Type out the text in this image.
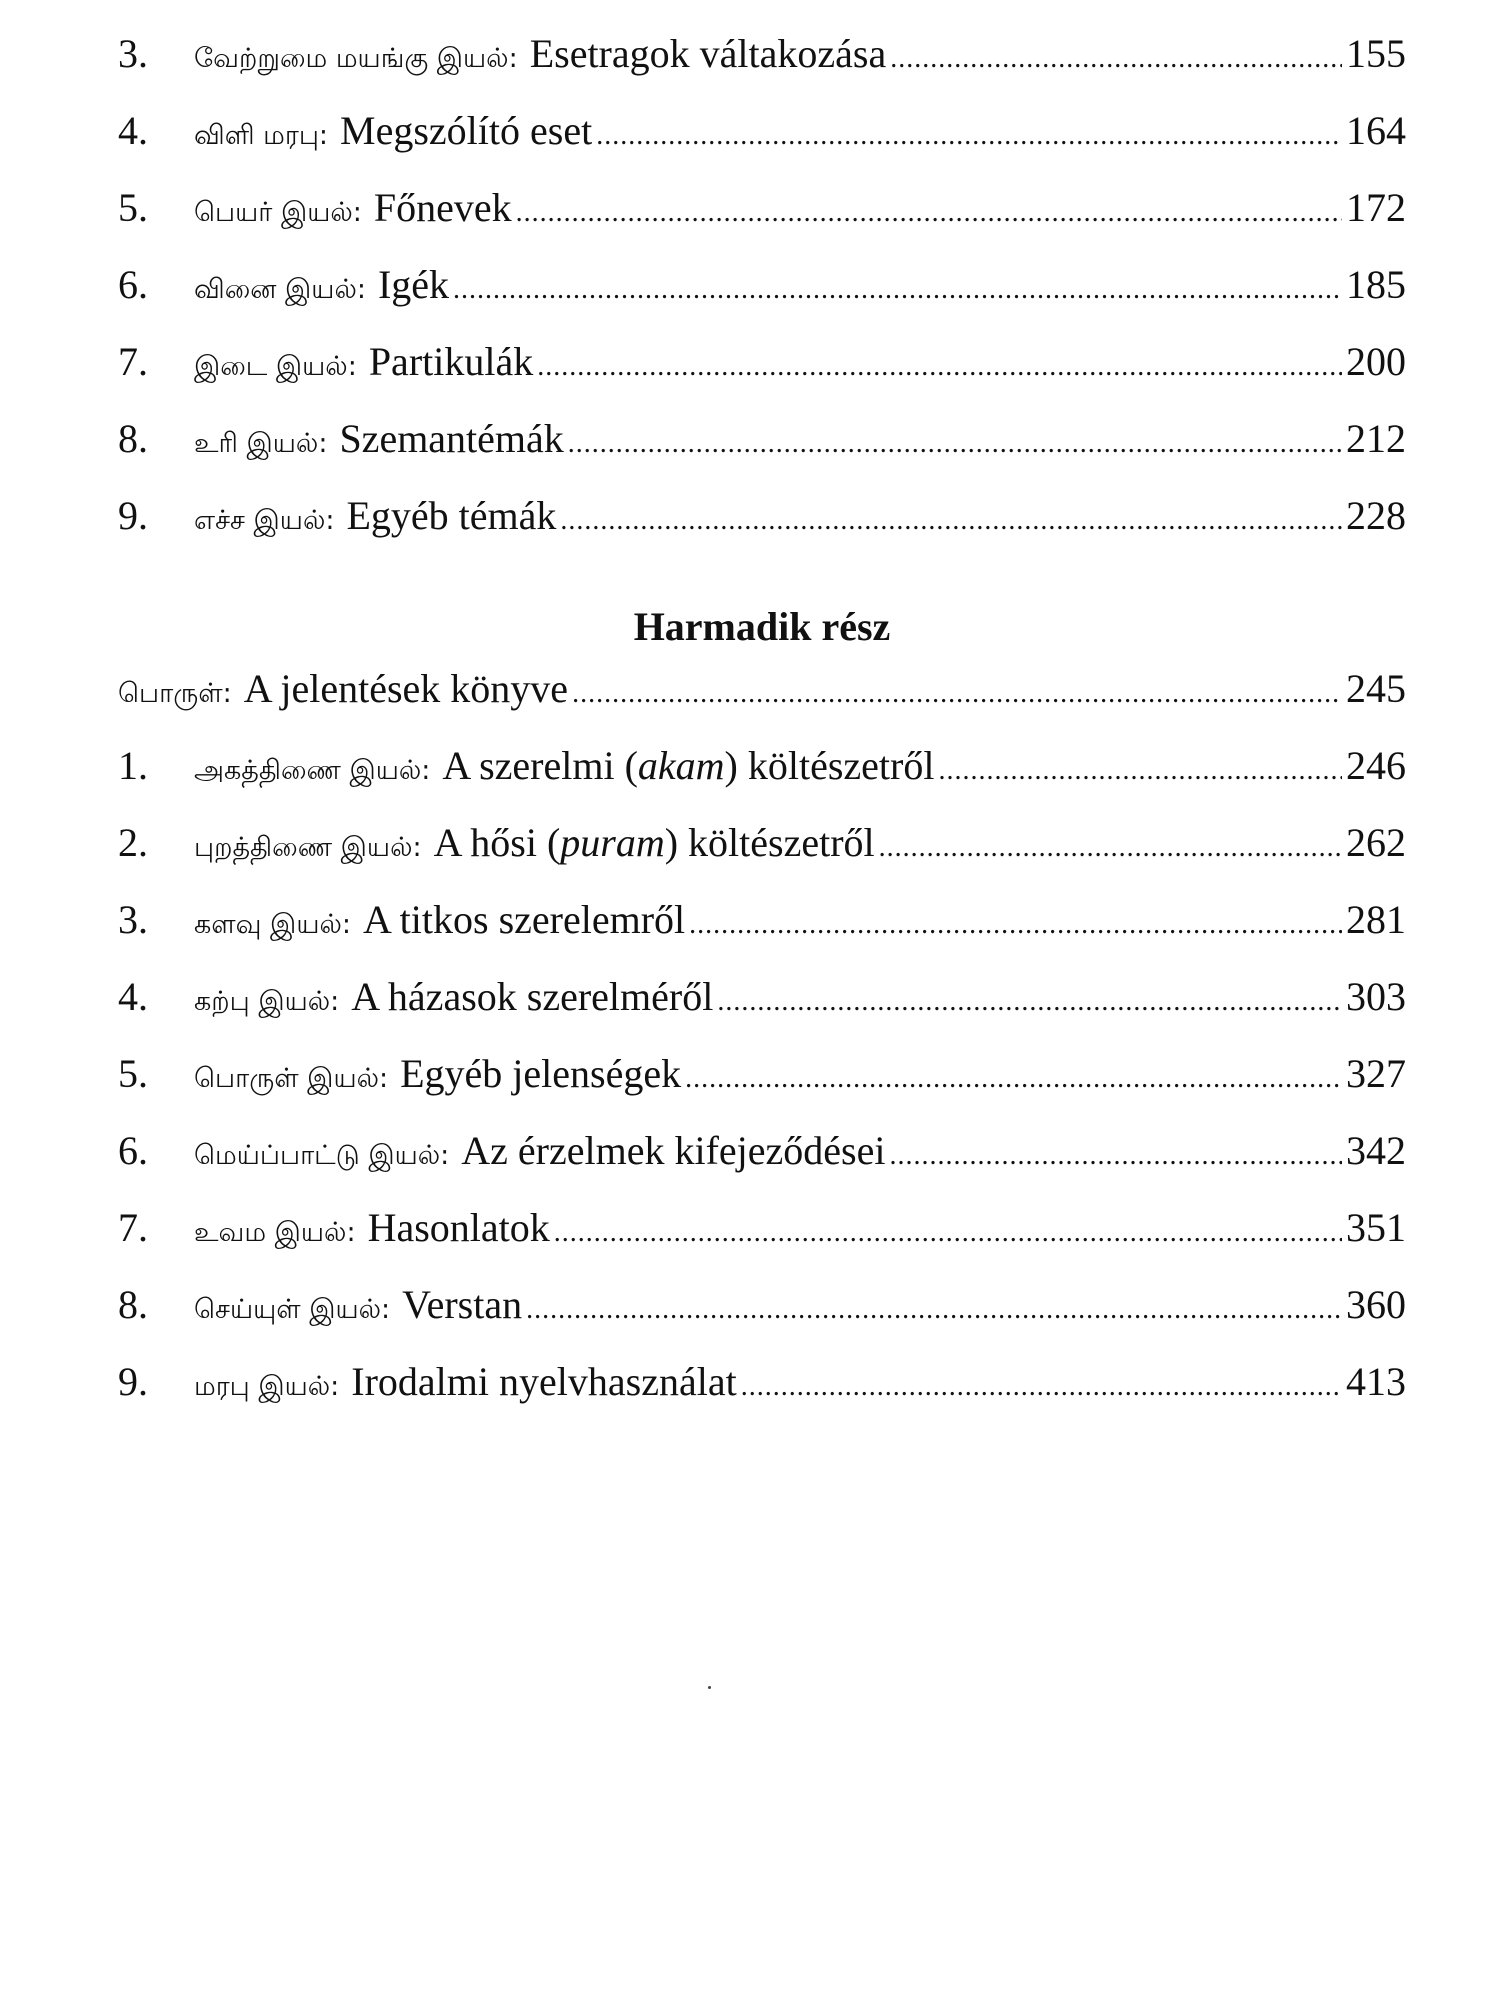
3.	வேற்றுமை மயங்கு இயல்: Esetragok váltakozása .....	155
4.	விளி மரபு: Megszólító eset .....	164
5.	பெயர் இயல்: Főnevek .....	172
6.	வினை இயல்: Igék .....	185
7.	இடை இயல்: Partikulák .....	200
8.	உரி இயல்: Szemantémák .....	212
9.	எச்ச இயல்: Egyéb témák .....	228
Harmadik rész
பொருள்: A jelentések könyve .....	245
1.	அகத்திணை இயல்: A szerelmi (akam) költészetről .....	246
2.	புறத்திணை இயல்: A hősi (puram) költészetről .....	262
3.	களவு இயல்: A titkos szerelemről .....	281
4.	கற்பு இயல்: A házasok szerelméről .....	303
5.	பொருள் இயல்: Egyéb jelenségek .....	327
6.	மெய்ப்பாட்டு இயல்: Az érzelmek kifejeződései .....	342
7.	உவம இயல்: Hasonlatok .....	351
8.	செய்யுள் இயல்: Verstan .....	360
9.	மரபு இயல்: Irodalmi nyelvhasználat .....	413
